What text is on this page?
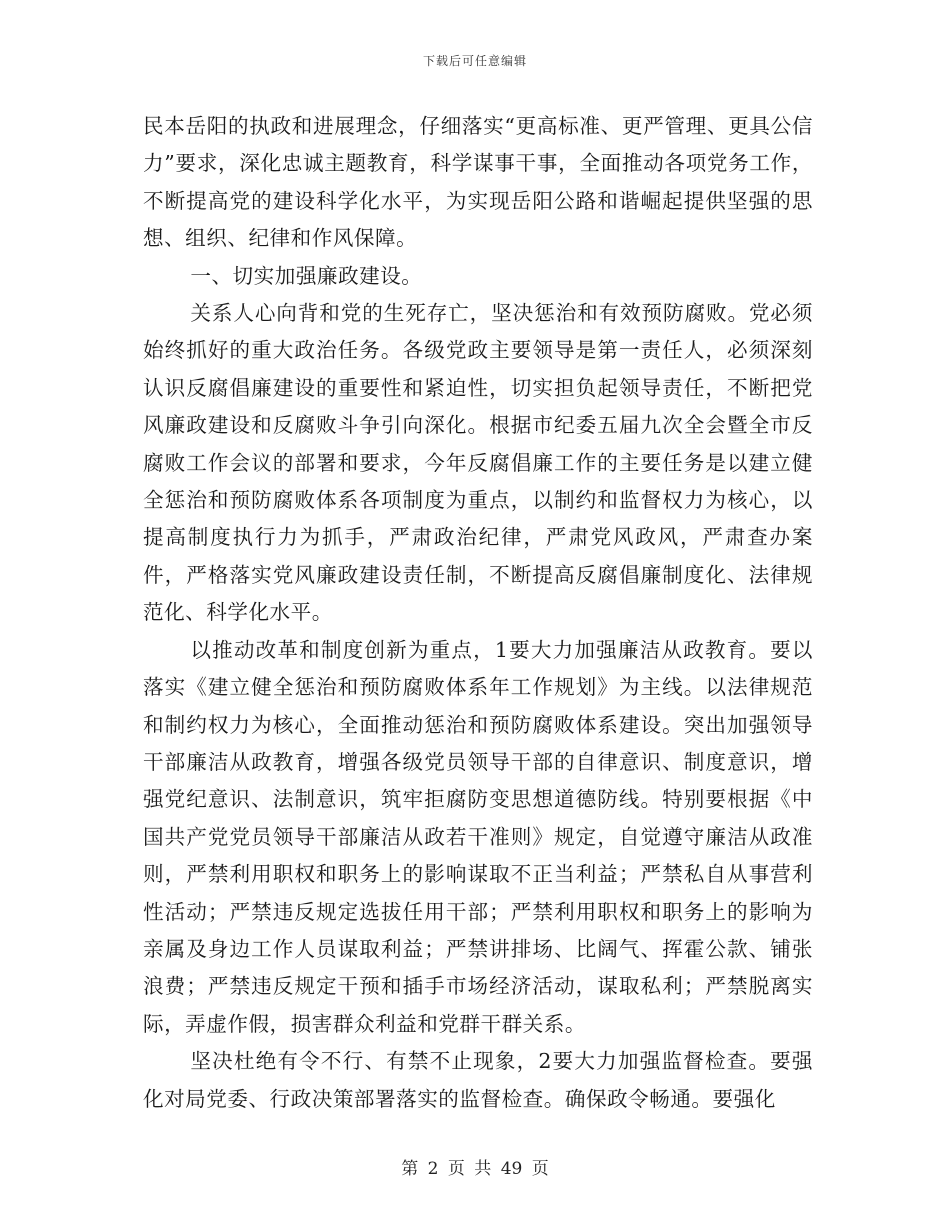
下载后可任意编辑

民本岳阳的执政和进展理念，仔细落实“更高标准、更严管理、更具公信力”要求，深化忠诚主题教育，科学谋事干事，全面推动各项党务工作，不断提高党的建设科学化水平，为实现岳阳公路和谐崛起提供坚强的思想、组织、纪律和作风保障。

一、切实加强廉政建设。

关系人心向背和党的生死存亡，坚决惩治和有效预防腐败。党必须始终抓好的重大政治任务。各级党政主要领导是第一责任人，必须深刻认识反腐倡廉建设的重要性和紧迫性，切实担负起领导责任，不断把党风廉政建设和反腐败斗争引向深化。根据市纪委五届九次全会暨全市反腐败工作会议的部署和要求，今年反腐倡廉工作的主要任务是以建立健全惩治和预防腐败体系各项制度为重点，以制约和监督权力为核心，以提高制度执行力为抓手，严肃政治纪律，严肃党风政风，严肃查办案件，严格落实党风廉政建设责任制，不断提高反腐倡廉制度化、法律规范化、科学化水平。

以推动改革和制度创新为重点，1要大力加强廉洁从政教育。要以落实《建立健全惩治和预防腐败体系年工作规划》为主线。以法律规范和制约权力为核心，全面推动惩治和预防腐败体系建设。突出加强领导干部廉洁从政教育，增强各级党员领导干部的自律意识、制度意识，增强党纪意识、法制意识，筑牢拒腐防变思想道德防线。特别要根据《中国共产党党员领导干部廉洁从政若干准则》规定，自觉遵守廉洁从政准则，严禁利用职权和职务上的影响谋取不正当利益；严禁私自从事营利性活动；严禁违反规定选拔任用干部；严禁利用职权和职务上的影响为亲属及身边工作人员谋取利益；严禁讲排场、比阔气、挥霍公款、铺张浪费；严禁违反规定干预和插手市场经济活动，谋取私利；严禁脱离实际，弄虚作假，损害群众利益和党群干群关系。

坚决杜绝有令不行、有禁不止现象，2要大力加强监督检查。要强化对局党委、行政决策部署落实的监督检查。确保政令畅通。要强化

第 2 页 共 49 页
